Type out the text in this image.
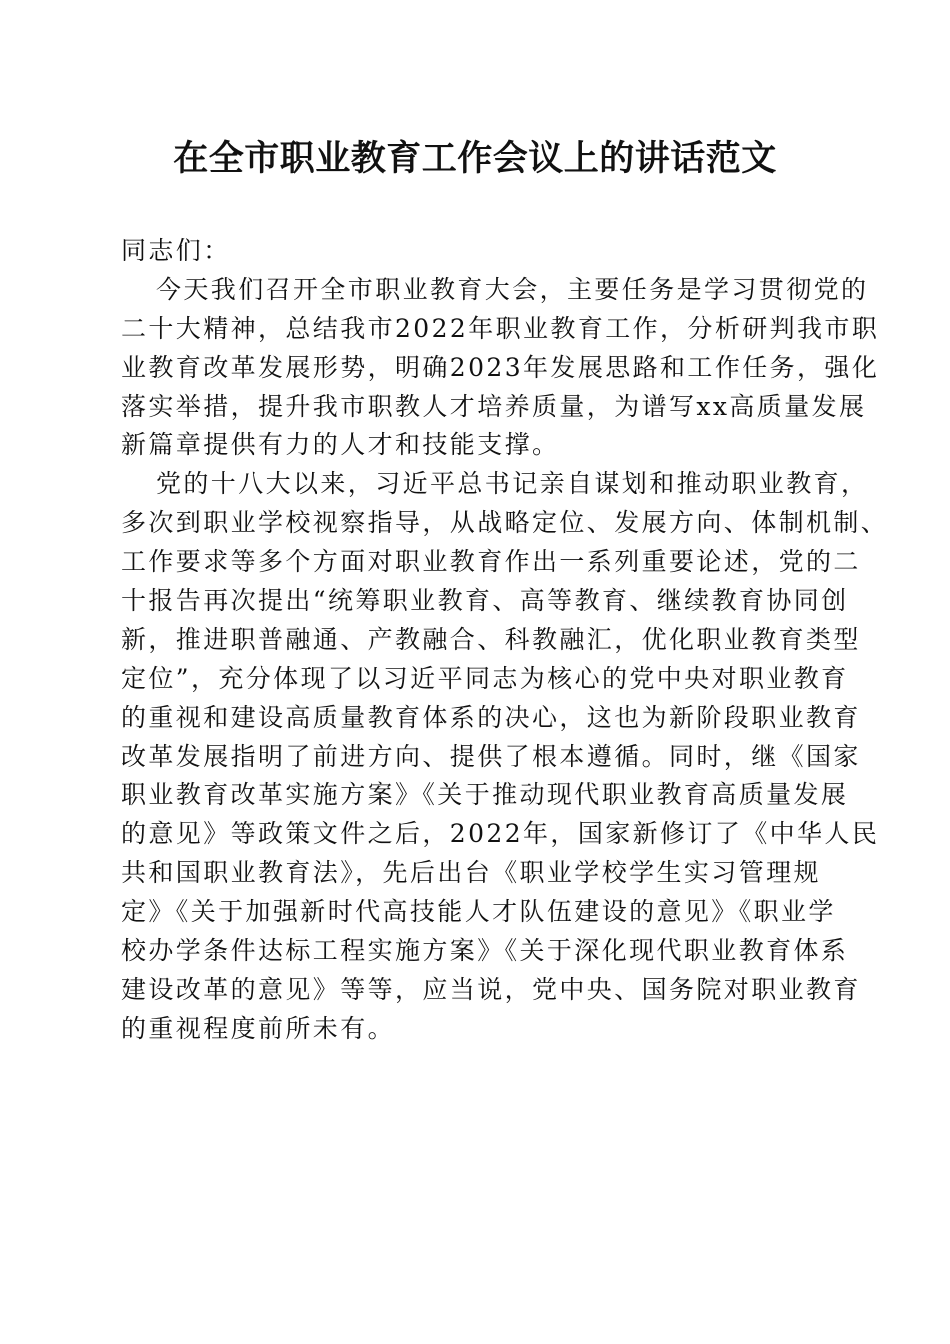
在全市职业教育工作会议上的讲话范文
同志们：
今天我们召开全市职业教育大会，主要任务是学习贯彻党的
二十大精神，总结我市2022年职业教育工作，分析研判我市职
业教育改革发展形势，明确2023年发展思路和工作任务，强化
落实举措，提升我市职教人才培养质量，为谱写xx高质量发展
新篇章提供有力的人才和技能支撑。
党的十八大以来，习近平总书记亲自谋划和推动职业教育，
多次到职业学校视察指导，从战略定位、发展方向、体制机制、
工作要求等多个方面对职业教育作出一系列重要论述，党的二
十报告再次提出“统筹职业教育、高等教育、继续教育协同创
新，推进职普融通、产教融合、科教融汇，优化职业教育类型
定位”，充分体现了以习近平同志为核心的党中央对职业教育
的重视和建设高质量教育体系的决心，这也为新阶段职业教育
改革发展指明了前进方向、提供了根本遵循。同时，继《国家
职业教育改革实施方案》《关于推动现代职业教育高质量发展
的意见》等政策文件之后，2022年，国家新修订了《中华人民
共和国职业教育法》，先后出台《职业学校学生实习管理规
定》《关于加强新时代高技能人才队伍建设的意见》《职业学
校办学条件达标工程实施方案》《关于深化现代职业教育体系
建设改革的意见》等等，应当说，党中央、国务院对职业教育
的重视程度前所未有。
